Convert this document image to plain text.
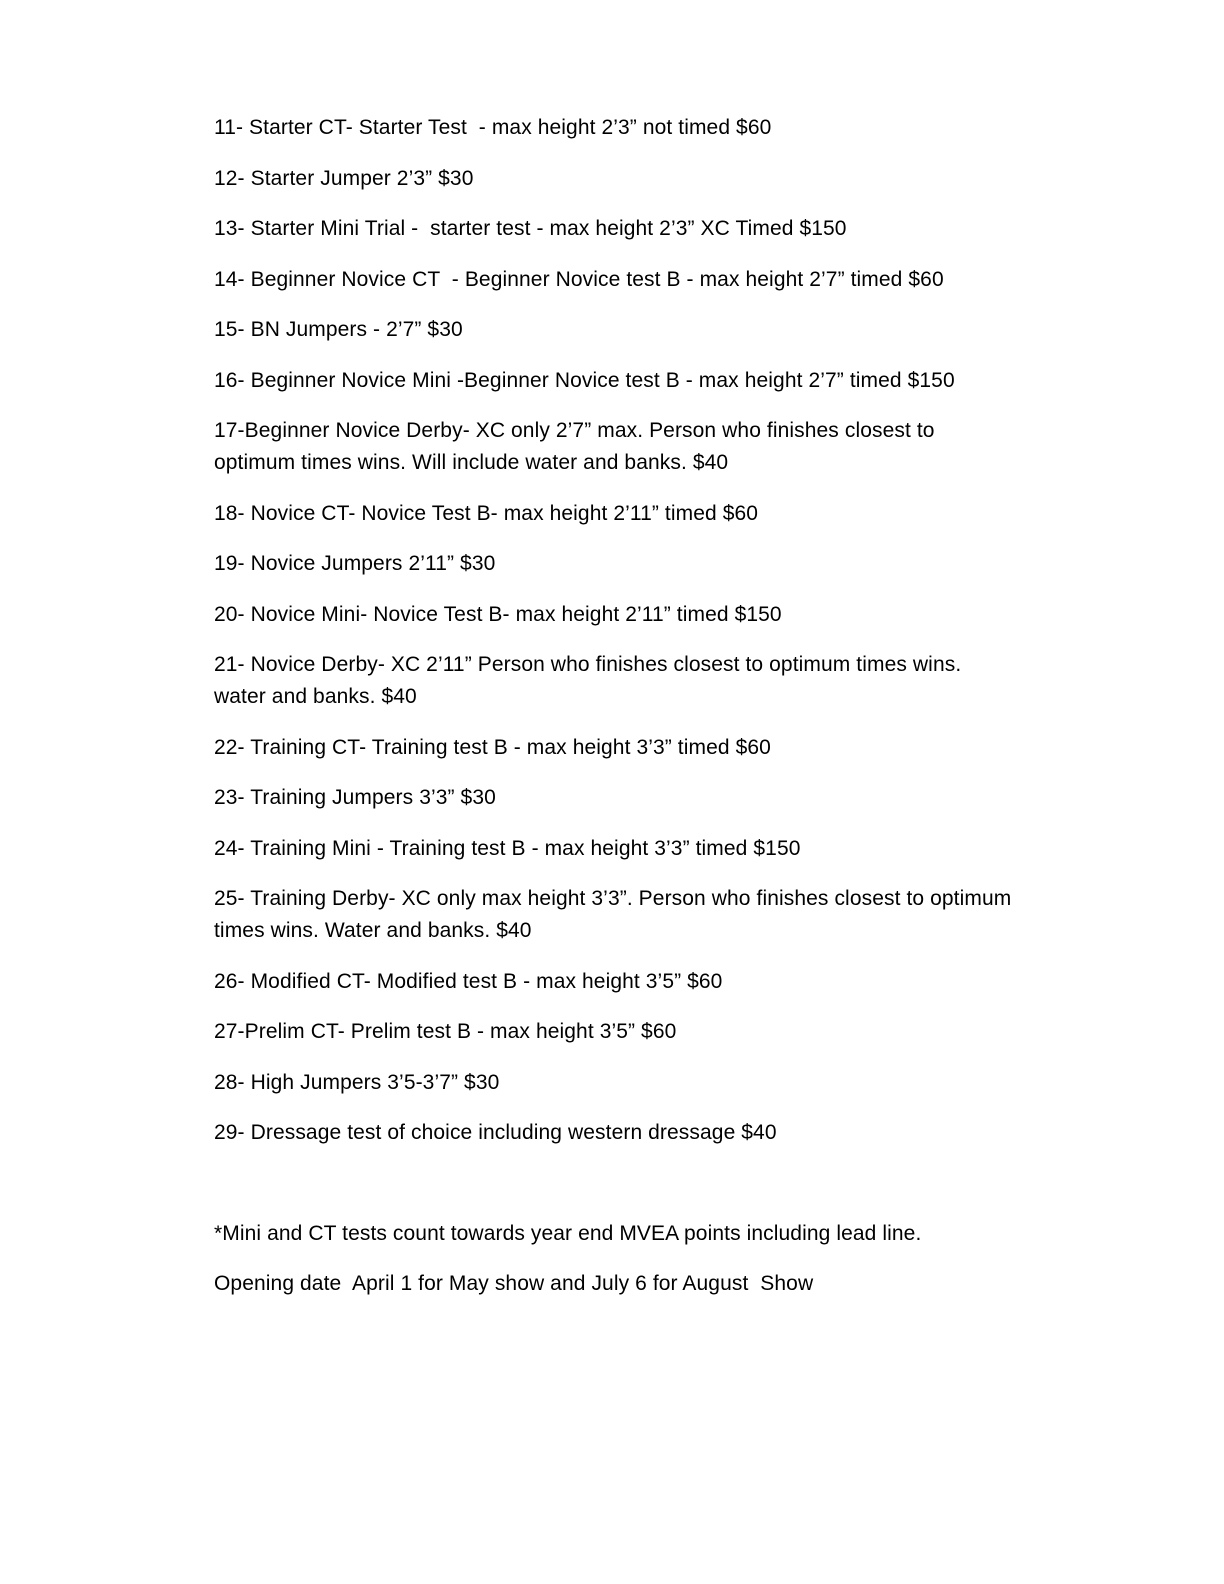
11- Starter CT- Starter Test  - max height 2’3” not timed $60

12- Starter Jumper 2’3” $30

13- Starter Mini Trial -  starter test - max height 2’3” XC Timed $150

14- Beginner Novice CT  - Beginner Novice test B - max height 2’7” timed $60

15- BN Jumpers - 2’7” $30

16- Beginner Novice Mini -Beginner Novice test B - max height 2’7” timed $150

17-Beginner Novice Derby- XC only 2’7” max. Person who finishes closest to optimum times wins. Will include water and banks. $40

18- Novice CT- Novice Test B- max height 2’11” timed $60

19- Novice Jumpers 2’11” $30

20- Novice Mini- Novice Test B- max height 2’11” timed $150

21- Novice Derby- XC 2’11” Person who finishes closest to optimum times wins. water and banks. $40

22- Training CT- Training test B - max height 3’3” timed $60

23- Training Jumpers 3’3” $30

24- Training Mini - Training test B - max height 3’3” timed $150

25- Training Derby- XC only max height 3’3”. Person who finishes closest to optimum times wins. Water and banks. $40

26- Modified CT- Modified test B - max height 3’5” $60

27-Prelim CT- Prelim test B - max height 3’5” $60

28- High Jumpers 3’5-3’7” $30

29- Dressage test of choice including western dressage $40

*Mini and CT tests count towards year end MVEA points including lead line.

Opening date  April 1 for May show and July 6 for August  Show
